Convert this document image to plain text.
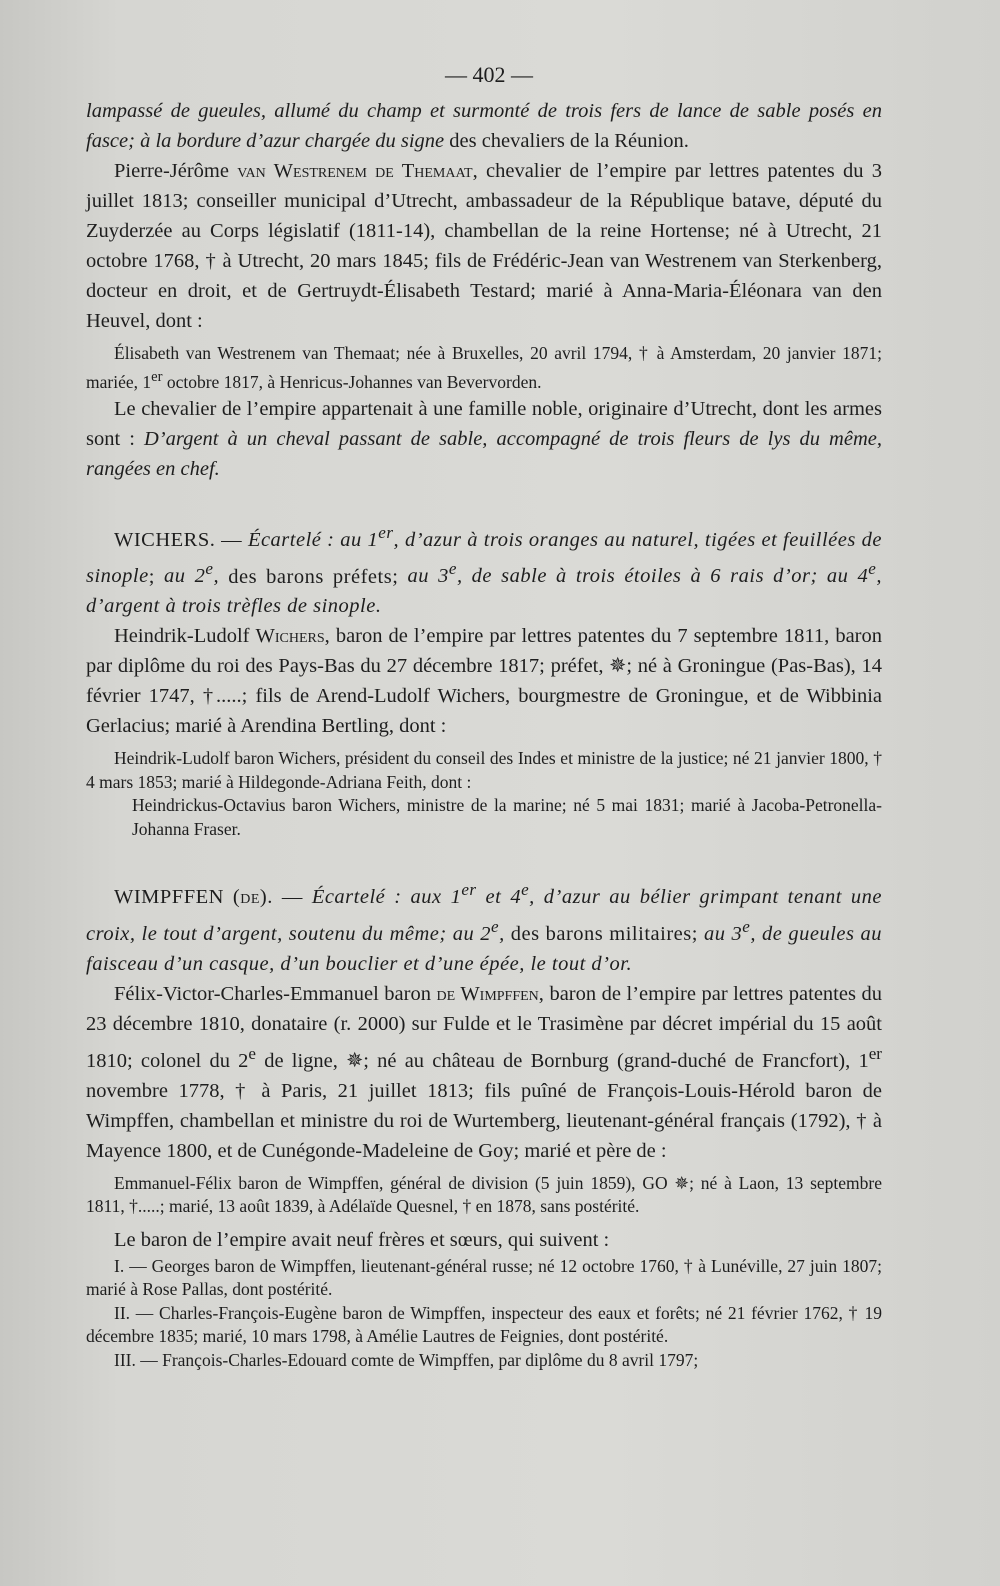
— 402 —

lampassé de gueules, allumé du champ et surmonté de trois fers de lance de sable posés en fasce; à la bordure d’azur chargée du signe des chevaliers de la Réunion.

Pierre-Jérôme van Westrenem de Themaat, chevalier de l’empire par lettres patentes du 3 juillet 1813; conseiller municipal d’Utrecht, ambassadeur de la République batave, député du Zuyderzée au Corps législatif (1811-14), chambellan de la reine Hortense; né à Utrecht, 21 octobre 1768, † à Utrecht, 20 mars 1845; fils de Frédéric-Jean van Westrenem van Sterkenberg, docteur en droit, et de Gertruydt-Élisabeth Testard; marié à Anna-Maria-Éléonara van den Heuvel, dont :

Élisabeth van Westrenem van Themaat; née à Bruxelles, 20 avril 1794, † à Amsterdam, 20 janvier 1871; mariée, 1er octobre 1817, à Henricus-Johannes van Bevervorden.

Le chevalier de l’empire appartenait à une famille noble, originaire d’Utrecht, dont les armes sont : D’argent à un cheval passant de sable, accompagné de trois fleurs de lys du même, rangées en chef.

WICHERS. — Écartelé : au 1er, d’azur à trois oranges au naturel, tigées et feuillées de sinople; au 2e, des barons préfets; au 3e, de sable à trois étoiles à 6 rais d’or; au 4e, d’argent à trois trèfles de sinople.

Heindrik-Ludolf Wichers, baron de l’empire par lettres patentes du 7 septembre 1811, baron par diplôme du roi des Pays-Bas du 27 décembre 1817; préfet, ✵; né à Groningue (Pas-Bas), 14 février 1747, †.....; fils de Arend-Ludolf Wichers, bourgmestre de Groningue, et de Wibbinia Gerlacius; marié à Arendina Bertling, dont :

Heindrik-Ludolf baron Wichers, président du conseil des Indes et ministre de la justice; né 21 janvier 1800, † 4 mars 1853; marié à Hildegonde-Adriana Feith, dont :

Heindrickus-Octavius baron Wichers, ministre de la marine; né 5 mai 1831; marié à Jacoba-Petronella-Johanna Fraser.

WIMPFFEN (de). — Écartelé : aux 1er et 4e, d’azur au bélier grimpant tenant une croix, le tout d’argent, soutenu du même; au 2e, des barons militaires; au 3e, de gueules au faisceau d’un casque, d’un bouclier et d’une épée, le tout d’or.

Félix-Victor-Charles-Emmanuel baron de Wimpffen, baron de l’empire par lettres patentes du 23 décembre 1810, donataire (r. 2000) sur Fulde et le Trasimène par décret impérial du 15 août 1810; colonel du 2e de ligne, ✵; né au château de Bornburg (grand-duché de Francfort), 1er novembre 1778, † à Paris, 21 juillet 1813; fils puîné de François-Louis-Hérold baron de Wimpffen, chambellan et ministre du roi de Wurtemberg, lieutenant-général français (1792), † à Mayence 1800, et de Cunégonde-Madeleine de Goy; marié et père de :

Emmanuel-Félix baron de Wimpffen, général de division (5 juin 1859), GO ✵; né à Laon, 13 septembre 1811, †.....; marié, 13 août 1839, à Adélaïde Quesnel, † en 1878, sans postérité.

Le baron de l’empire avait neuf frères et sœurs, qui suivent :

I. — Georges baron de Wimpffen, lieutenant-général russe; né 12 octobre 1760, † à Lunéville, 27 juin 1807; marié à Rose Pallas, dont postérité.

II. — Charles-François-Eugène baron de Wimpffen, inspecteur des eaux et forêts; né 21 février 1762, † 19 décembre 1835; marié, 10 mars 1798, à Amélie Lautres de Feignies, dont postérité.

III. — François-Charles-Edouard comte de Wimpffen, par diplôme du 8 avril 1797;
